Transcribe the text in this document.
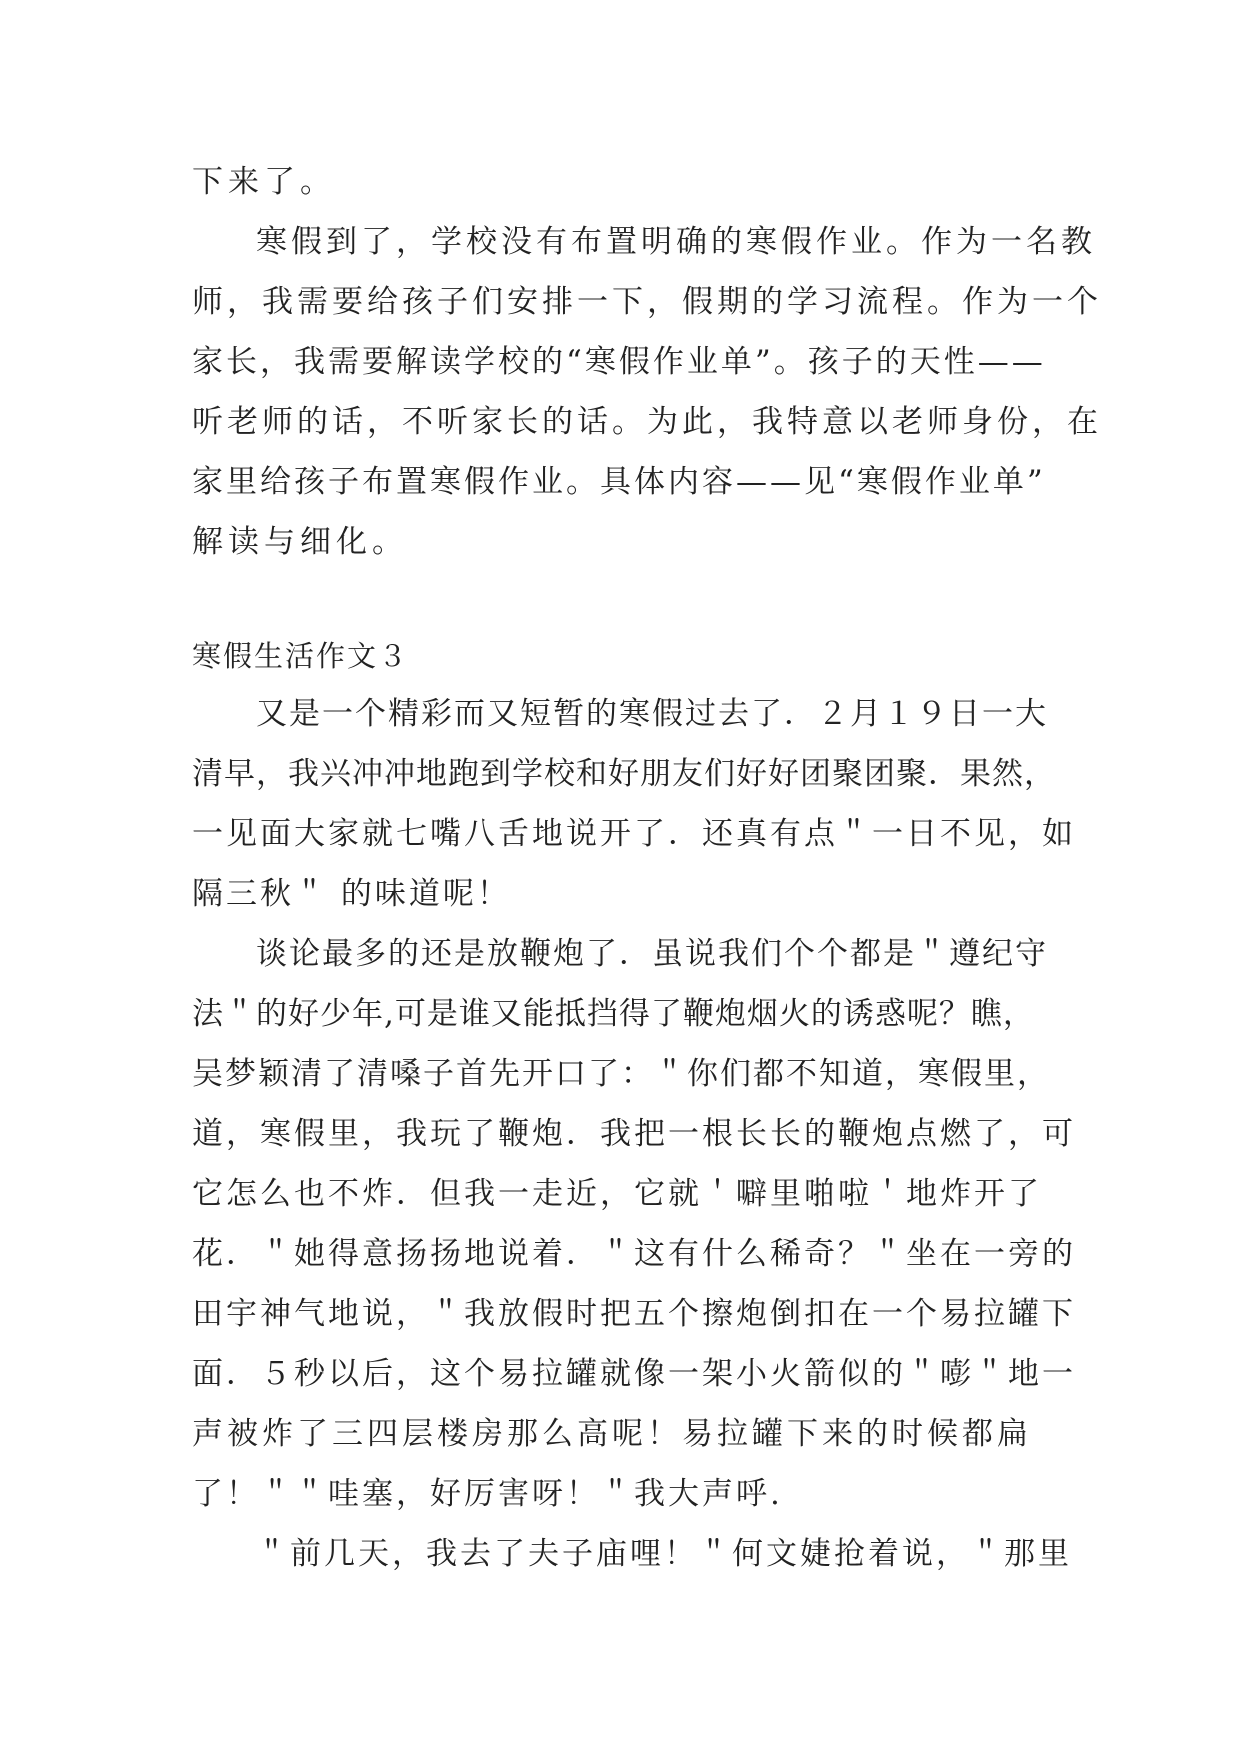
下来了。
寒假到了，学校没有布置明确的寒假作业。作为一名教
师，我需要给孩子们安排一下，假期的学习流程。作为一个
家长，我需要解读学校的“寒假作业单”。孩子的天性——
听老师的话，不听家长的话。为此，我特意以老师身份，在
家里给孩子布置寒假作业。具体内容——见“寒假作业单”
解读与细化。
寒假生活作文３
又是一个精彩而又短暂的寒假过去了．２月１９日一大
清早，我兴冲冲地跑到学校和好朋友们好好团聚团聚．果然，
一见面大家就七嘴八舌地说开了．还真有点＂一日不见，如
隔三秋＂ 的味道呢！
谈论最多的还是放鞭炮了．虽说我们个个都是＂遵纪守
法＂的好少年,可是谁又能抵挡得了鞭炮烟火的诱惑呢？瞧，
吴梦颖清了清嗓子首先开口了：＂你们都不知道，寒假里，
道，寒假里，我玩了鞭炮．我把一根长长的鞭炮点燃了，可
它怎么也不炸．但我一走近，它就＇噼里啪啦＇地炸开了
花．＂她得意扬扬地说着．＂这有什么稀奇？＂坐在一旁的
田宇神气地说，＂我放假时把五个擦炮倒扣在一个易拉罐下
面．５秒以后，这个易拉罐就像一架小火箭似的＂嘭＂地一
声被炸了三四层楼房那么高呢！易拉罐下来的时候都扁
了！＂＂哇塞，好厉害呀！＂我大声呼.
＂前几天，我去了夫子庙哩！＂何文婕抢着说，＂那里
